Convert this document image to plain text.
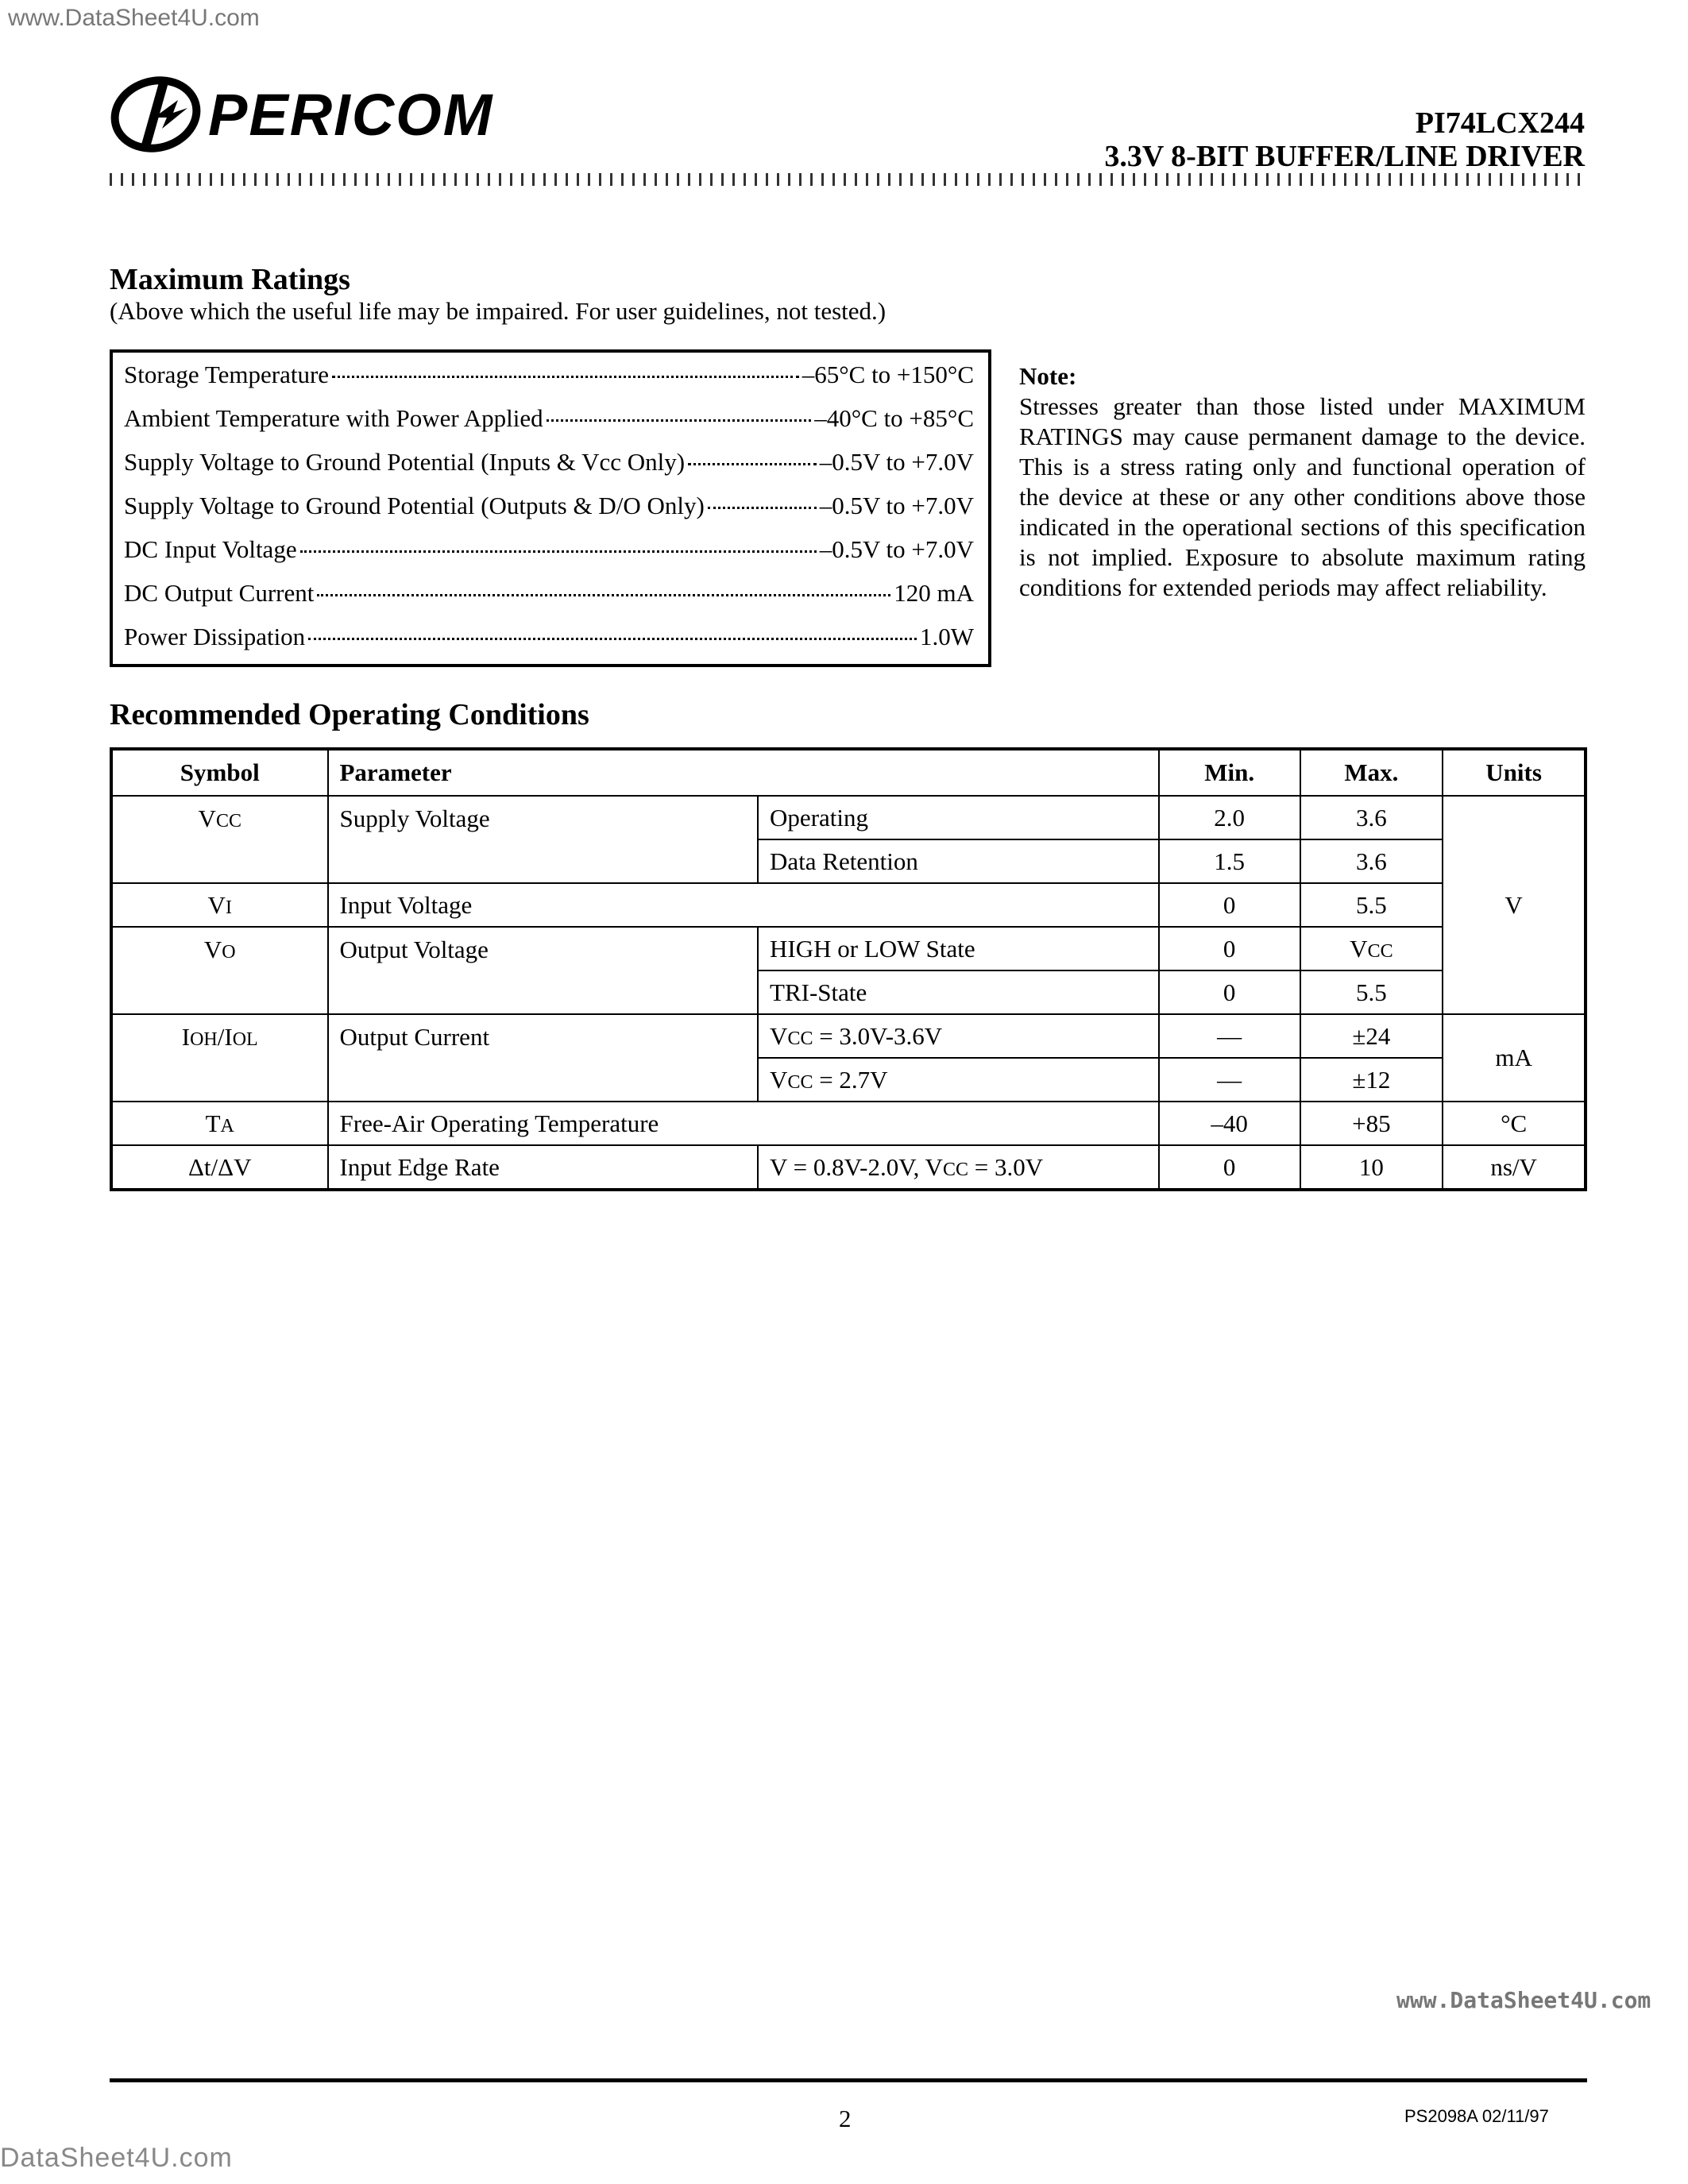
www.DataSheet4U.com
PERICOM	PI74LCX244
3.3V 8-BIT BUFFER/LINE DRIVER
Maximum Ratings
(Above which the useful life may be impaired. For user guidelines, not tested.)
Storage Temperature	–65°C to +150°C
Ambient Temperature with Power Applied	–40°C to +85°C
Supply Voltage to Ground Potential (Inputs & Vcc Only)	–0.5V to +7.0V
Supply Voltage to Ground Potential (Outputs & D/O Only)	–0.5V to +7.0V
DC Input Voltage	–0.5V to +7.0V
DC Output Current	120 mA
Power Dissipation	1.0W
Note:
Stresses greater than those listed under MAXIMUM RATINGS may cause permanent damage to the device. This is a stress rating only and functional operation of the device at these or any other conditions above those indicated in the operational sections of this specification is not implied. Exposure to absolute maximum rating conditions for extended periods may affect reliability.
Recommended Operating Conditions
Symbol	Parameter		Min.	Max.	Units
VCC	Supply Voltage	Operating	2.0	3.6	V
		Data Retention	1.5	3.6	
VI	Input Voltage		0	5.5	
VO	Output Voltage	HIGH or LOW State	0	VCC	
		TRI-State	0	5.5	
IOH/IOL	Output Current	VCC = 3.0V-3.6V	—	±24	mA
		VCC = 2.7V	—	±12	
TA	Free-Air Operating Temperature		–40	+85	°C
Δt/ΔV	Input Edge Rate	V = 0.8V-2.0V, VCC = 3.0V	0	10	ns/V
www.DataSheet4U.com
2	PS2098A 02/11/97
DataSheet4U.com
